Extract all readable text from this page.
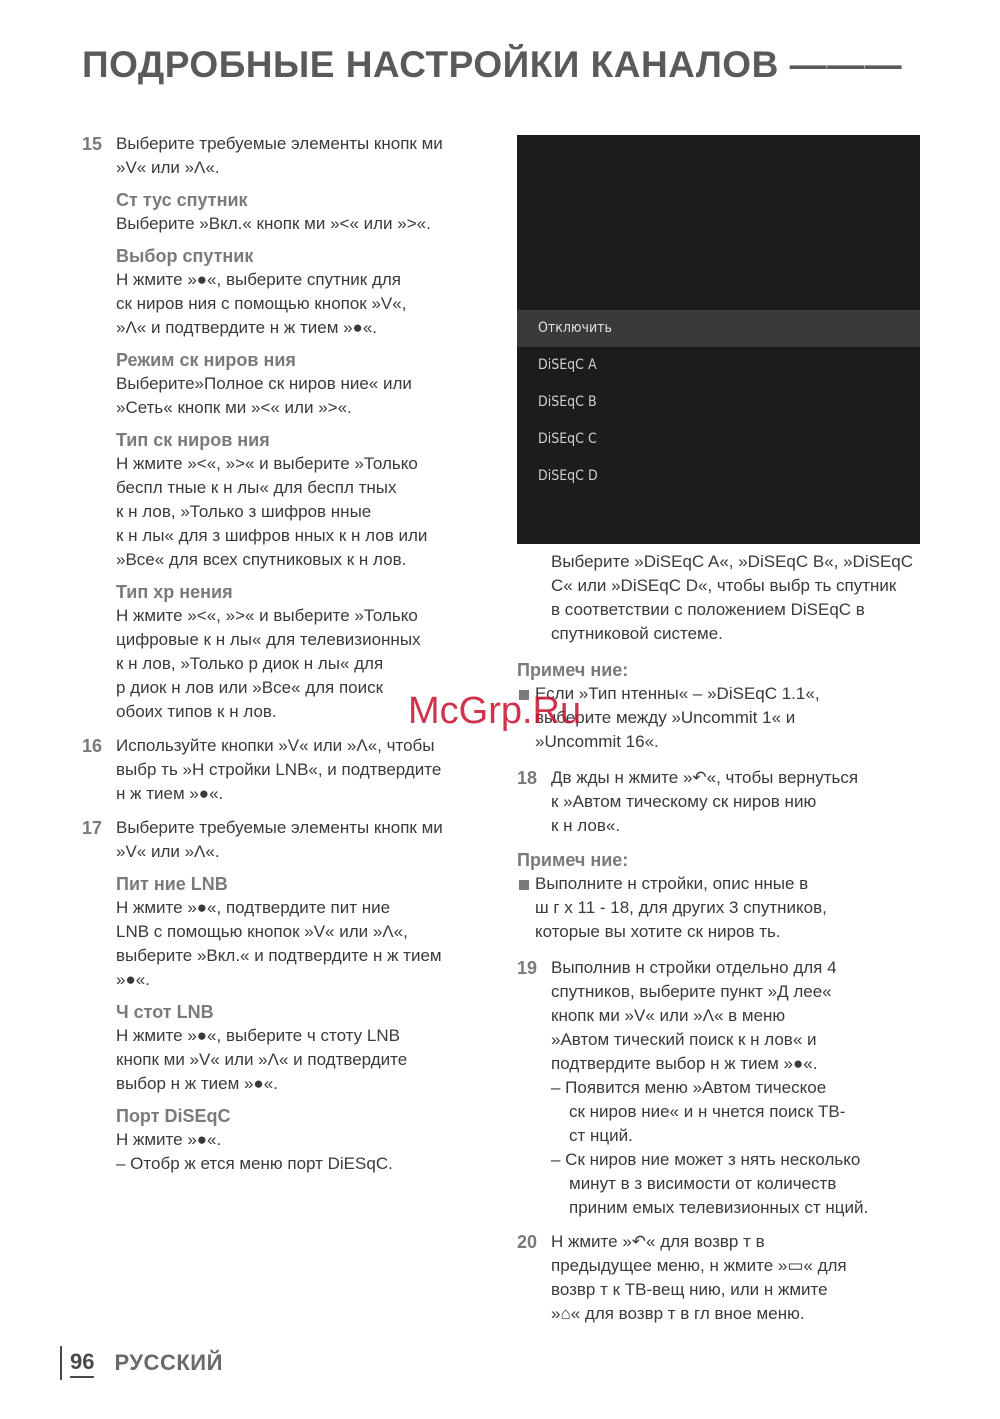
ПОДРОБНЫЕ НАСТРОЙКИ КАНАЛОВ ———
15 Выберите требуемые элементы кнопк ми
»V« или »Λ«.
Ст тус спутник
Выберите »Вкл.« кнопк ми »<« или »>«.
Выбор спутник
Н жмите »●«, выберите спутник для
ск ниров ния с помощью кнопок »V«,
»Λ« и подтвердите н ж тием »●«.
Режим ск ниров ния
Выберите»Полное ск ниров ние« или
»Сеть« кнопк ми »<« или »>«.
Тип ск ниров ния
Н жмите »<«, »>« и выберите »Только
беспл тные к н лы« для беспл тных
к н лов, »Только з шифров нные
к н лы« для з шифров нных к н лов или
»Все« для всех спутниковых к н лов.
Тип хр нения
Н жмите »<«, »>« и выберите »Только
цифровые к н лы« для телевизионных
к н лов, »Только р диок н лы« для
р диок н лов или »Все« для поиск
обоих типов к н лов.
16 Используйте кнопки »V« или »Λ«, чтобы
выбр ть »Н стройки LNB«, и подтвердите
н ж тием »●«.
17 Выберите требуемые элементы кнопк ми
»V« или »Λ«.
Пит ние LNB
Н жмите »●«, подтвердите пит ние
LNB с помощью кнопок »V« или »Λ«,
выберите »Вкл.« и подтвердите н ж тием
»●«.
Ч стот LNB
Н жмите »●«, выберите ч стоту LNB
кнопк ми »V« или »Λ« и подтвердите
выбор н ж тием »●«.
Порт DiSEqC
Н жмите »●«.
– Отобр ж ется меню порт DiESqC.
Отключить
DiSEqC A
DiSEqC B
DiSEqC C
DiSEqC D
Выберите »DiSEqC A«, »DiSEqC B«, »DiSEqC
C« или »DiSEqC D«, чтобы выбр ть спутник
в соответствии с положением DiSEqC в
спутниковой системе.
Примеч ние:
Если »Тип нтенны« – »DiSEqC 1.1«,
выберите между »Uncommit 1« и
»Uncommit 16«.
18 Дв жды н жмите »↶«, чтобы вернуться
к »Автом тическому ск ниров нию
к н лов«.
Примеч ние:
Выполните н стройки, опис нные в
ш г х 11 - 18, для других 3 спутников,
которые вы хотите ск ниров ть.
19 Выполнив н стройки отдельно для 4
спутников, выберите пункт »Д лее«
кнопк ми »V« или »Λ« в меню
»Автом тический поиск к н лов« и
подтвердите выбор н ж тием »●«.
– Появится меню »Автом тическое
ск ниров ние« и н чнется поиск ТВ-
ст нций.
– Ск ниров ние может з нять несколько
минут в з висимости от количеств
приним емых телевизионных ст нций.
20 Н жмите »↶« для возвр т в
предыдущее меню, н жмите »▭« для
возвр т к ТВ-вещ нию, или н жмите
»⌂« для возвр т в гл вное меню.
McGrp.Ru
96 РУССКИЙ
